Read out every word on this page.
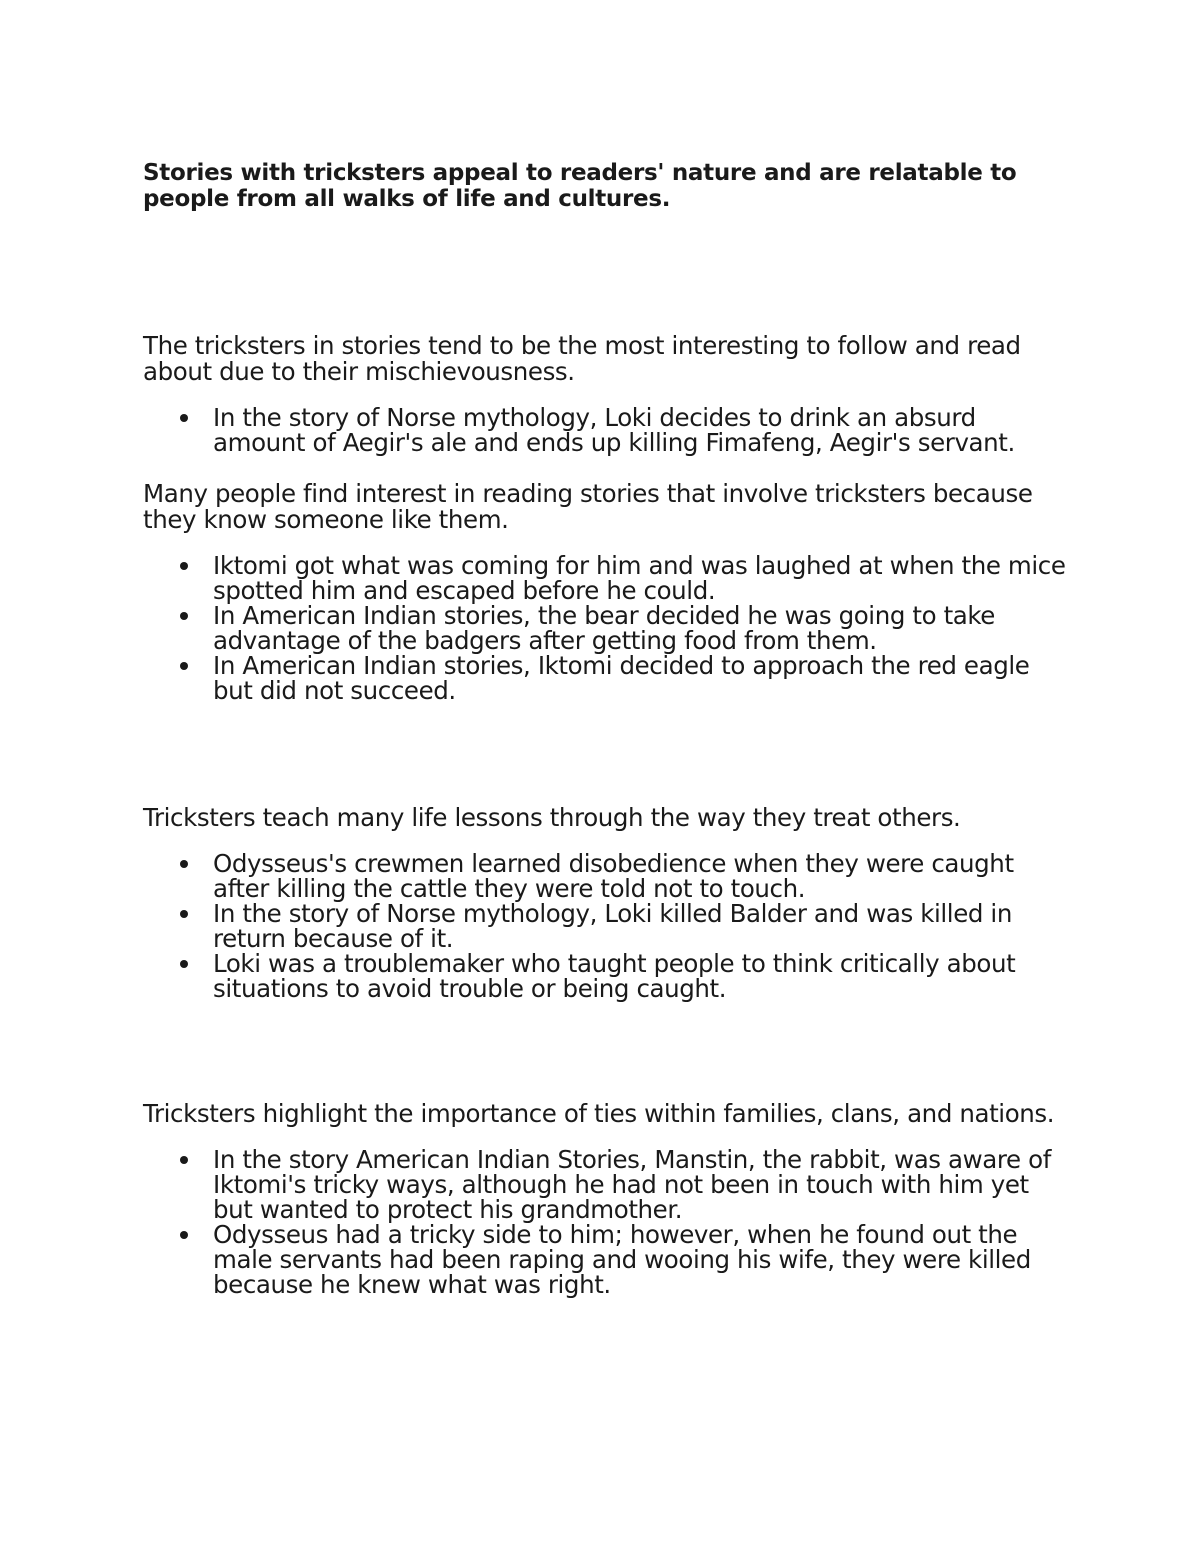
Stories with tricksters appeal to readers' nature and are relatable to people from all walks of life and cultures.

The tricksters in stories tend to be the most interesting to follow and read about due to their mischievousness.

In the story of Norse mythology, Loki decides to drink an absurd amount of Aegir's ale and ends up killing Fimafeng, Aegir's servant.

Many people find interest in reading stories that involve tricksters because they know someone like them.

Iktomi got what was coming for him and was laughed at when the mice spotted him and escaped before he could.
In American Indian stories, the bear decided he was going to take advantage of the badgers after getting food from them.
In American Indian stories, Iktomi decided to approach the red eagle but did not succeed.

Tricksters teach many life lessons through the way they treat others.

Odysseus's crewmen learned disobedience when they were caught after killing the cattle they were told not to touch.
In the story of Norse mythology, Loki killed Balder and was killed in return because of it.
Loki was a troublemaker who taught people to think critically about situations to avoid trouble or being caught.

Tricksters highlight the importance of ties within families, clans, and nations.

In the story American Indian Stories, Manstin, the rabbit, was aware of Iktomi's tricky ways, although he had not been in touch with him yet but wanted to protect his grandmother.
Odysseus had a tricky side to him; however, when he found out the male servants had been raping and wooing his wife, they were killed because he knew what was right.
